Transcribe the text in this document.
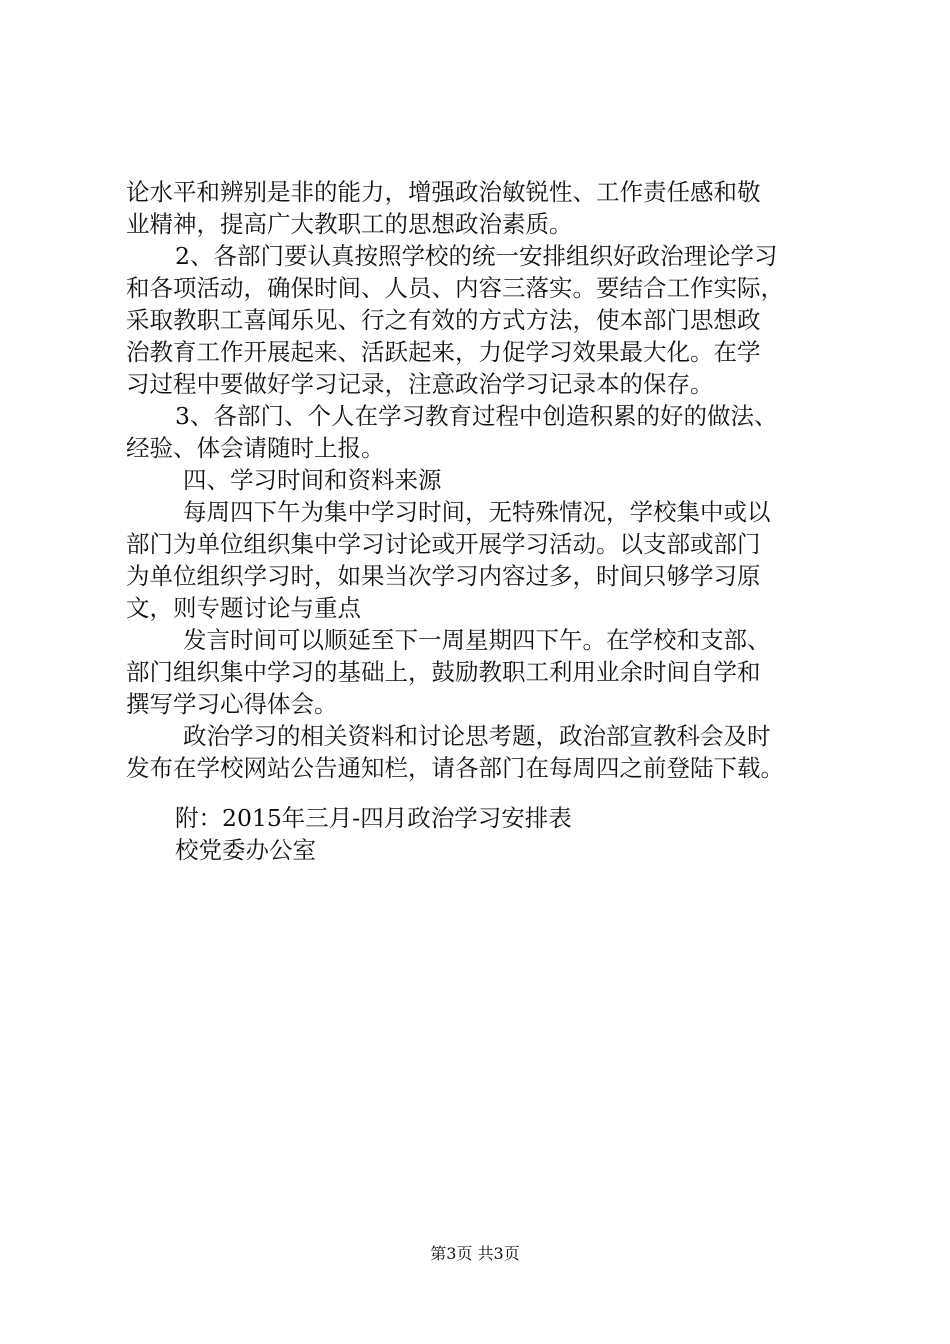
论水平和辨别是非的能力，增强政治敏锐性、工作责任感和敬
业精神，提高广大教职工的思想政治素质。
2、各部门要认真按照学校的统一安排组织好政治理论学习
和各项活动，确保时间、人员、内容三落实。要结合工作实际，
采取教职工喜闻乐见、行之有效的方式方法，使本部门思想政
治教育工作开展起来、活跃起来，力促学习效果最大化。在学
习过程中要做好学习记录，注意政治学习记录本的保存。
3、各部门、个人在学习教育过程中创造积累的好的做法、
经验、体会请随时上报。
四、学习时间和资料来源
每周四下午为集中学习时间，无特殊情况，学校集中或以
部门为单位组织集中学习讨论或开展学习活动。以支部或部门
为单位组织学习时，如果当次学习内容过多，时间只够学习原
文，则专题讨论与重点
发言时间可以顺延至下一周星期四下午。在学校和支部、
部门组织集中学习的基础上，鼓励教职工利用业余时间自学和
撰写学习心得体会。
政治学习的相关资料和讨论思考题，政治部宣教科会及时
发布在学校网站公告通知栏，请各部门在每周四之前登陆下载。
附：2015年三月-四月政治学习安排表
校党委办公室
第3页 共3页
